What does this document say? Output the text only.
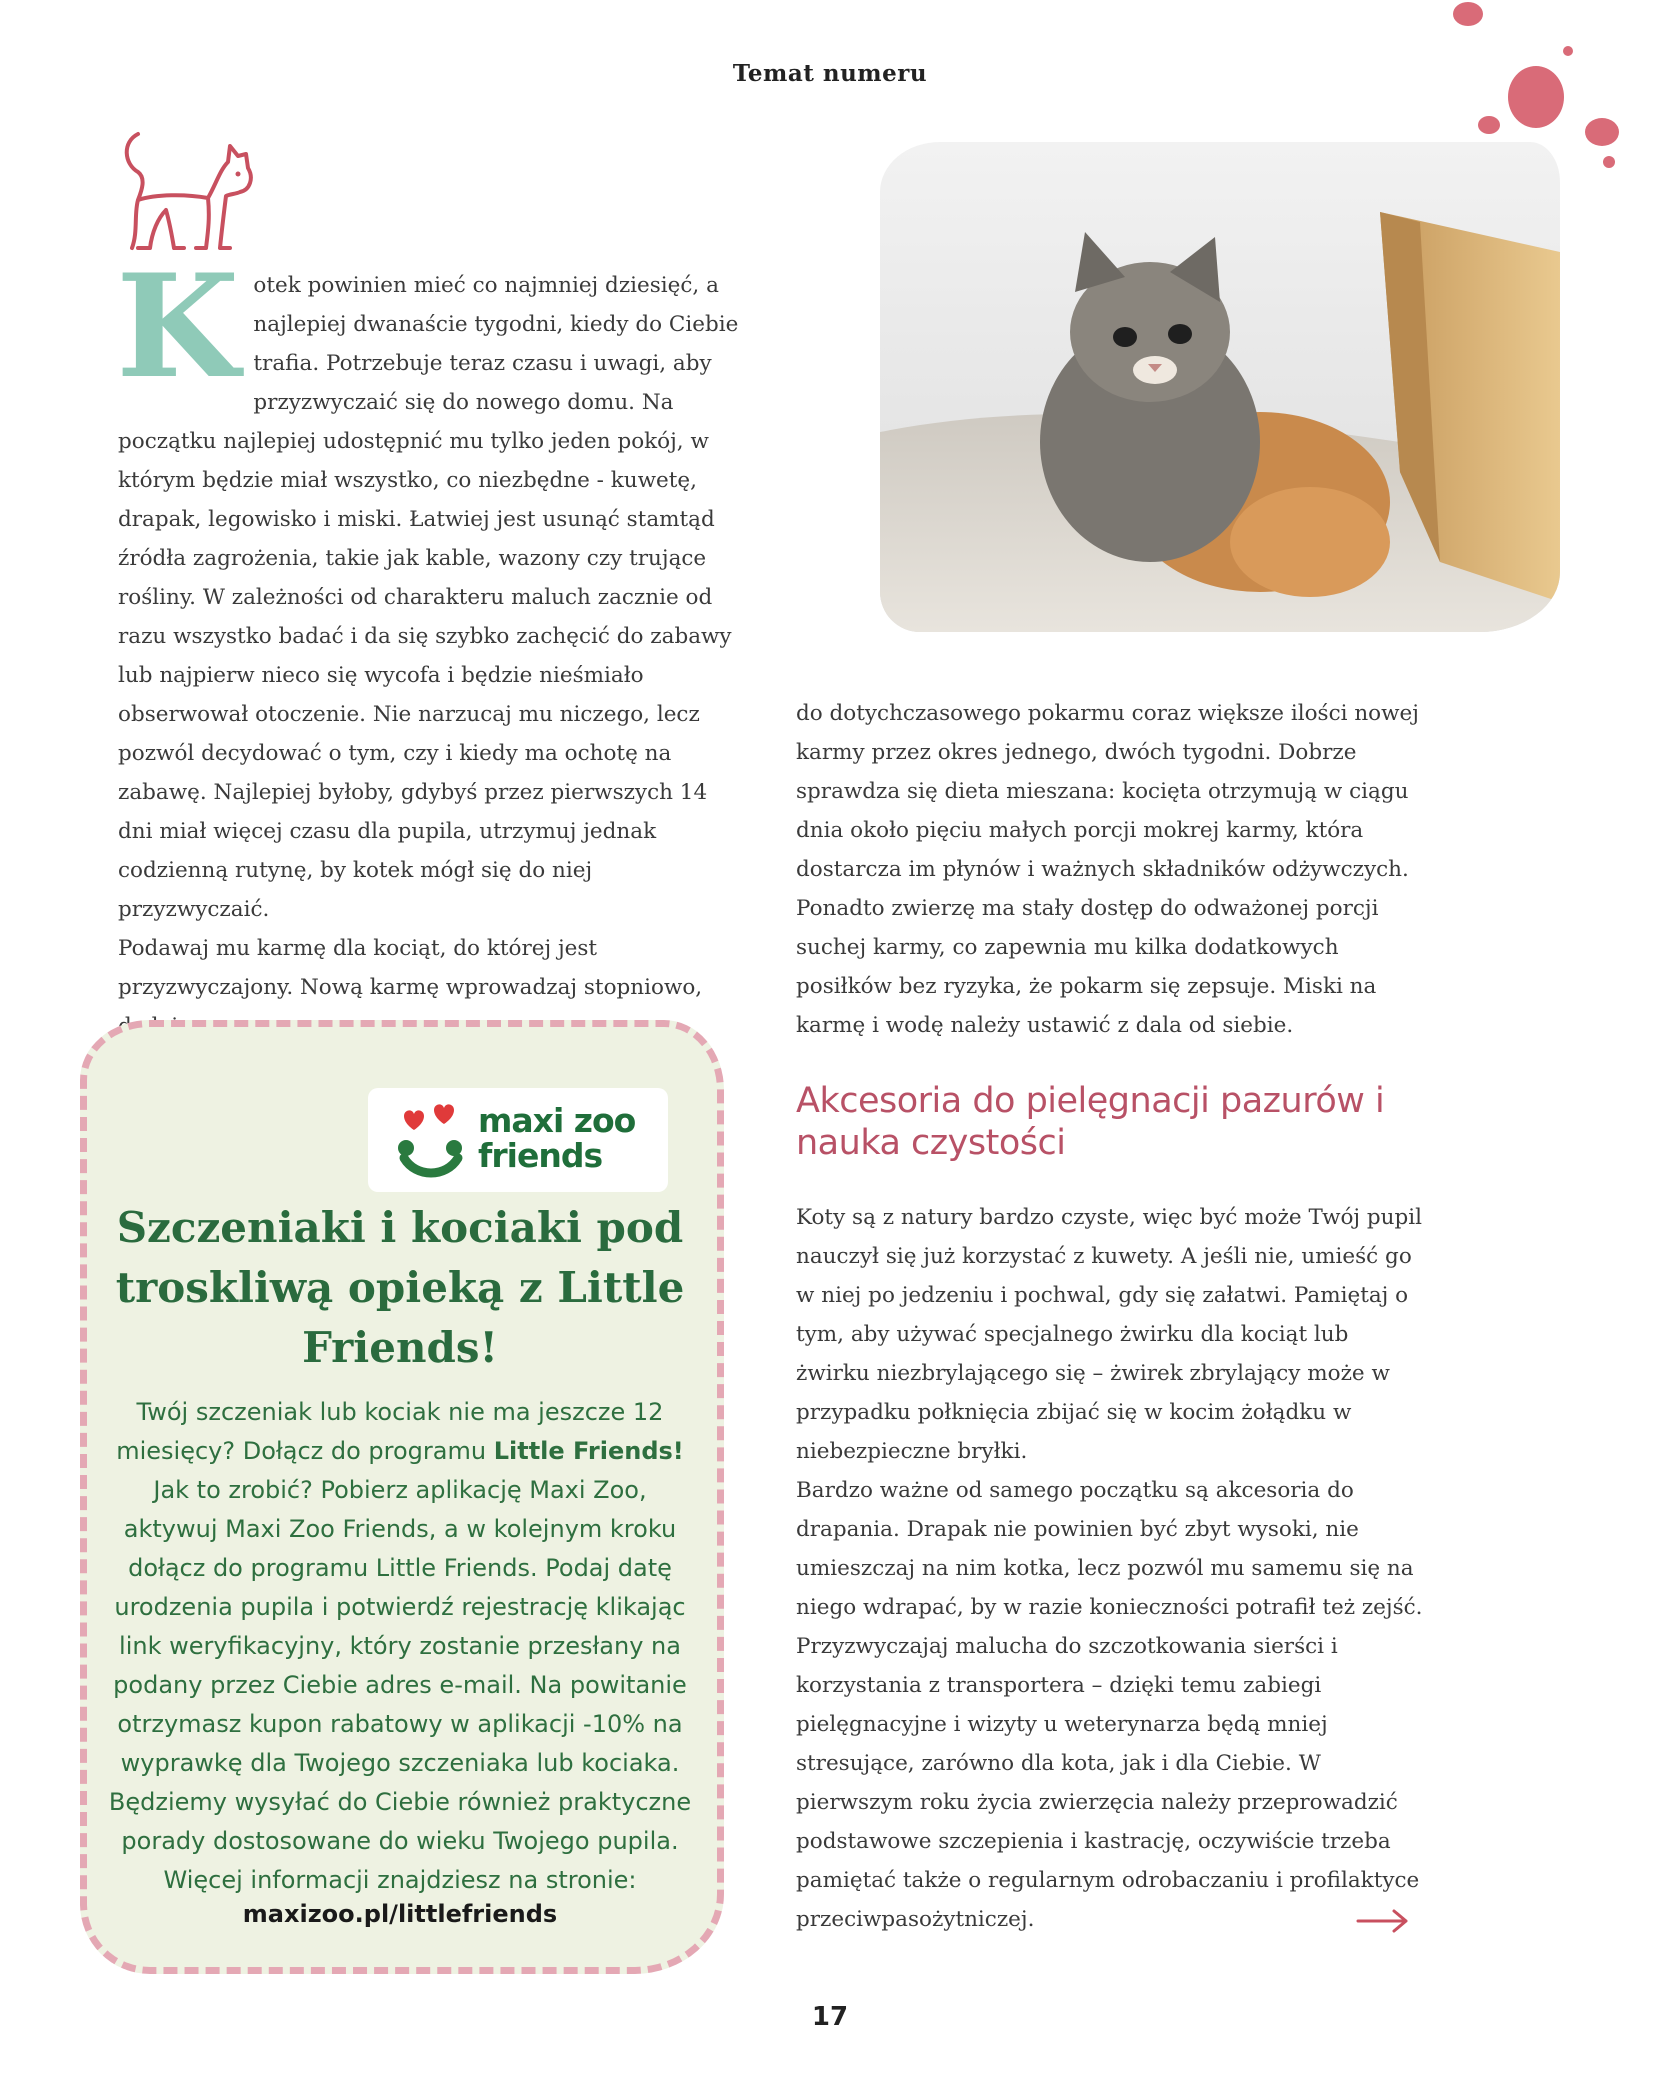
Temat numeru
K otek powinien mieć co najmniej dziesięć, a najlepiej dwanaście tygodni, kiedy do Ciebie trafia. Potrzebuje teraz czasu i uwagi, aby przyzwyczaić się do nowego domu. Na początku najlepiej udostępnić mu tylko jeden pokój, w którym będzie miał wszystko, co niezbędne - kuwetę, drapak, legowisko i miski. Łatwiej jest usunąć stamtąd źródła zagrożenia, takie jak kable, wazony czy trujące rośliny. W zależności od charakteru maluch zacznie od razu wszystko badać i da się szybko zachęcić do zabawy lub najpierw nieco się wycofa i będzie nieśmiało obserwował otoczenie. Nie narzucaj mu niczego, lecz pozwól decydować o tym, czy i kiedy ma ochotę na zabawę. Najlepiej byłoby, gdybyś przez pierwszych 14 dni miał więcej czasu dla pupila, utrzymuj jednak codzienną rutynę, by kotek mógł się do niej przyzwyczaić.

Podawaj mu karmę dla kociąt, do której jest przyzwyczajony. Nową karmę wprowadzaj stopniowo,

do dotychczasowego pokarmu coraz większe ilości nowej karmy przez okres jednego, dwóch tygodni. Dobrze sprawdza się dieta mieszana: kocięta otrzymują w ciągu dnia około pięciu małych porcji mokrej karmy, która dostarcza im płynów i ważnych składników odżywczych. Ponadto zwierzę ma stały dostęp do odważonej porcji suchej karmy, co zapewnia mu kilka dodatkowych posiłków bez ryzyka, że pokarm się zepsuje. Miski na karmę i wodę należy ustawić z dala od siebie.

Akcesoria do pielęgnacji pazurów i nauka czystości

Koty są z natury bardzo czyste, więc być może Twój pupil nauczył się już korzystać z kuwety. A jeśli nie, umieść go w niej po jedzeniu i pochwal, gdy się załatwi. Pamiętaj o tym, aby używać specjalnego żwirku dla kociąt lub żwirku niezbrylającego się – żwirek zbrylający może w przypadku połknięcia zbijać się w kocim żołądku w niebezpieczne bryłki.

Bardzo ważne od samego początku są akcesoria do drapania. Drapak nie powinien być zbyt wysoki, nie umieszczaj na nim kotka, lecz pozwól mu samemu się na niego wdrapać, by w razie konieczności potrafił też zejść. Przyzwyczajaj malucha do szczotkowania sierści i korzystania z transportera – dzięki temu zabiegi pielęgnacyjne i wizyty u weterynarza będą mniej stresujące, zarówno dla kota, jak i dla Ciebie. W pierwszym roku życia zwierzęcia należy przeprowadzić podstawowe szczepienia i kastrację, oczywiście trzeba pamiętać także o regularnym odrobaczaniu i profilaktyce przeciwpasożytniczej.

maxi zoo
friends
Szczeniaki i kociaki pod troskliwą opieką z Little Friends!
Twój szczeniak lub kociak nie ma jeszcze 12 miesięcy? Dołącz do programu Little Friends! Jak to zrobić? Pobierz aplikację Maxi Zoo, aktywuj Maxi Zoo Friends, a w kolejnym kroku dołącz do programu Little Friends. Podaj datę urodzenia pupila i potwierdź rejestrację klikając link weryfikacyjny, który zostanie przesłany na podany przez Ciebie adres e-mail. Na powitanie otrzymasz kupon rabatowy w aplikacji -10% na wyprawkę dla Twojego szczeniaka lub kociaka. Będziemy wysyłać do Ciebie również praktyczne porady dostosowane do wieku Twojego pupila. Więcej informacji znajdziesz na stronie:
maxizoo.pl/littlefriends
17
